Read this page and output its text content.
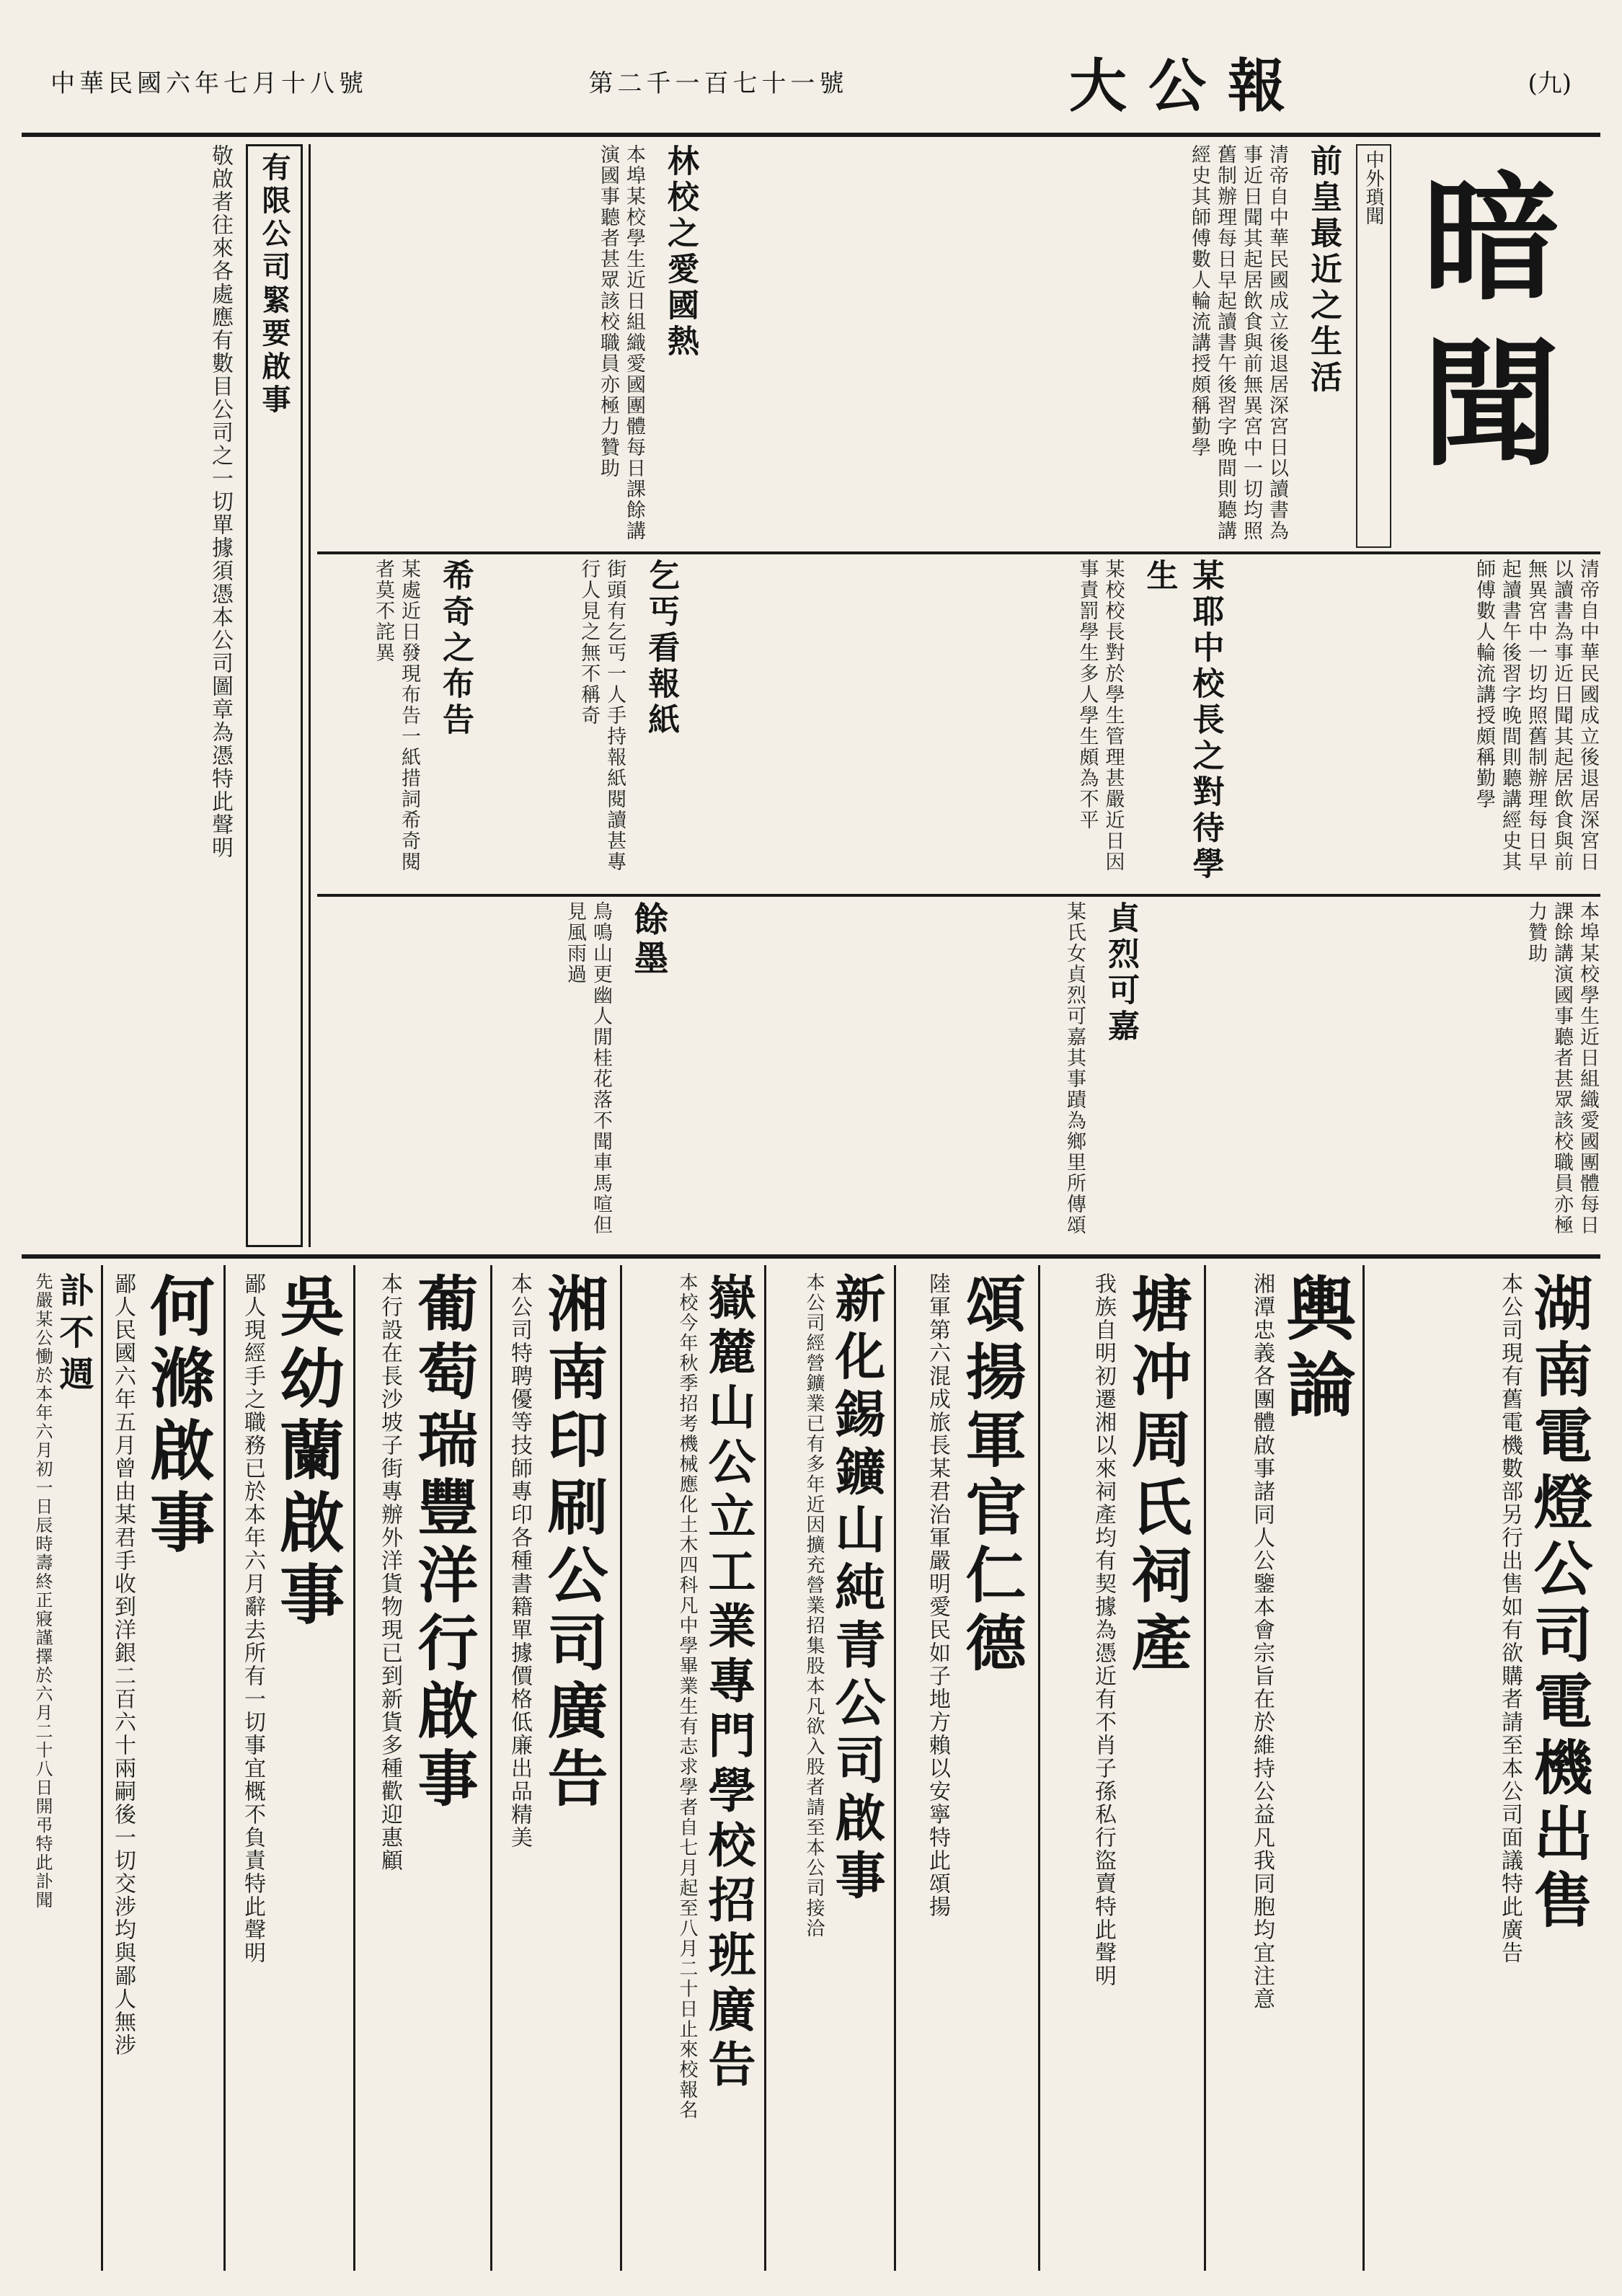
(九)
大公報
第二千一百七十一號
中華民國六年七月十八號
有限公司緊要啟事
敬啟者往來各處應有數目公司之一切單據須憑本公司圖章為憑特此聲明	暗聞
中外瑣聞
前皇最近之生活
清帝自中華民國成立後退居深宮日以讀書為事近日聞其起居飲食與前無異宮中一切均照舊制辦理每日早起讀書午後習字晚間則聽講經史其師傅數人輪流講授頗稱勤學
林校之愛國熱
本埠某校學生近日組織愛國團體每日課餘講演國事聽者甚眾該校職員亦極力贊助
清帝自中華民國成立後退居深宮日以讀書為事近日聞其起居飲食與前無異宮中一切均照舊制辦理每日早起讀書午後習字晚間則聽講經史其師傅數人輪流講授頗稱勤學
某耶中校長之對待學生
某校校長對於學生管理甚嚴近日因事責罰學生多人學生頗為不平
乞丐看報紙
街頭有乞丐一人手持報紙閱讀甚專行人見之無不稱奇
希奇之布告
某處近日發現布告一紙措詞希奇閱者莫不詫異
本埠某校學生近日組織愛國團體每日課餘講演國事聽者甚眾該校職員亦極力贊助
貞烈可嘉
某氏女貞烈可嘉其事蹟為鄉里所傳頌
餘墨
鳥鳴山更幽人閒桂花落不聞車馬喧但見風雨過
湖南電燈公司電機出售
本公司現有舊電機數部另行出售如有欲購者請至本公司面議特此廣告
輿論
湘潭忠義各團體啟事諸同人公鑒本會宗旨在於維持公益凡我同胞均宜注意
塘冲周氏祠產
我族自明初遷湘以來祠產均有契據為憑近有不肖子孫私行盜賣特此聲明
頌揚軍官仁德
陸軍第六混成旅長某君治軍嚴明愛民如子地方賴以安寧特此頌揚
新化錫鑛山純青公司啟事
本公司經營鑛業已有多年近因擴充營業招集股本凡欲入股者請至本公司接洽
嶽麓山公立工業專門學校招班廣告
本校今年秋季招考機械應化土木四科凡中學畢業生有志求學者自七月起至八月二十日止來校報名
湘南印刷公司廣告
本公司特聘優等技師專印各種書籍單據價格低廉出品精美
葡萄瑞豐洋行啟事
本行設在長沙坡子街專辦外洋貨物現已到新貨多種歡迎惠顧
吳幼蘭啟事
鄙人現經手之職務已於本年六月辭去所有一切事宜概不負責特此聲明
何滌啟事
鄙人民國六年五月曾由某君手收到洋銀二百六十兩嗣後一切交涉均與鄙人無涉
訃不週
先嚴某公慟於本年六月初一日辰時壽終正寢謹擇於六月二十八日開弔特此訃聞
